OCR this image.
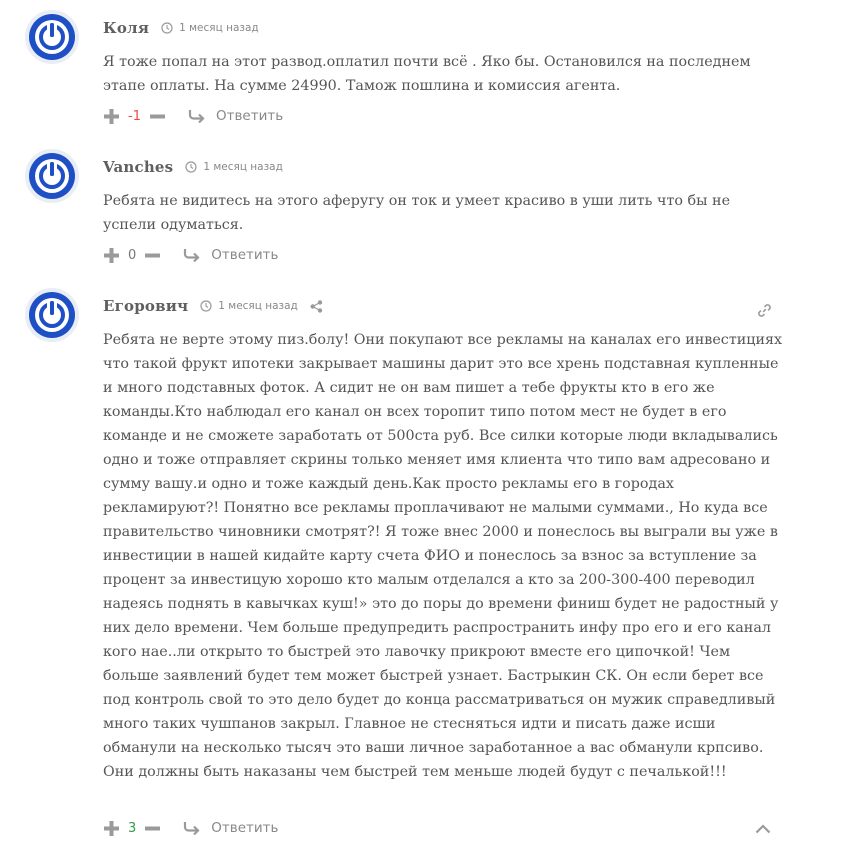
Коля	1 месяц назад
Я тоже попал на этот развод.оплатил почти всё . Яко бы. Остановился на последнем этапе оплаты. На сумме 24990. Тамож пошлина и комиссия агента.
-1	Ответить
Vanches	1 месяц назад
Ребята не видитесь на этого аферугу он ток и умеет красиво в уши лить что бы не успели одуматься.
0	Ответить
Егорович	1 месяц назад
Ребята не верте этому пиз.болу! Они покупают все рекламы на каналах его инвестициях что такой фрукт ипотеки закрывает машины дарит это все хрень подставная купленные и много подставных фоток. А сидит не он вам пишет а тебе фрукты кто в его же команды.Кто наблюдал его канал он всех торопит типо потом мест не будет в его команде и не сможете заработать от 500ста руб. Все силки которые люди вкладывались одно и тоже отправляет скрины только меняет имя клиента что типо вам адресовано и сумму вашу.и одно и тоже каждый день.Как просто рекламы его в городах рекламируют?! Понятно все рекламы проплачивают не малыми суммами., Но куда все правительство чиновники смотрят?! Я тоже внес 2000 и понеслось вы выграли вы уже в инвестиции в нашей кидайте карту счета ФИО и понеслось за взнос за вступление за процент за инвестицую хорошо кто малым отделался а кто за 200-300-400 переводил надеясь поднять в кавычках куш!» это до поры до времени финиш будет не радостный у них дело времени. Чем больше предупредить распространить инфу про его и его канал кого нае..ли открыто то быстрей это лавочку прикроют вместе его ципочкой! Чем больше заявлений будет тем может быстрей узнает. Бастрыкин СК. Он если берет все под контроль свой то это дело будет до конца рассматриваться он мужик справедливый много таких чушпанов закрыл. Главное не стесняться идти и писать даже исши обманули на несколько тысяч это ваши личное заработанное а вас обманули крпсиво. Они должны быть наказаны чем быстрей тем меньше людей будут с печалькой!!!
3	Ответить
